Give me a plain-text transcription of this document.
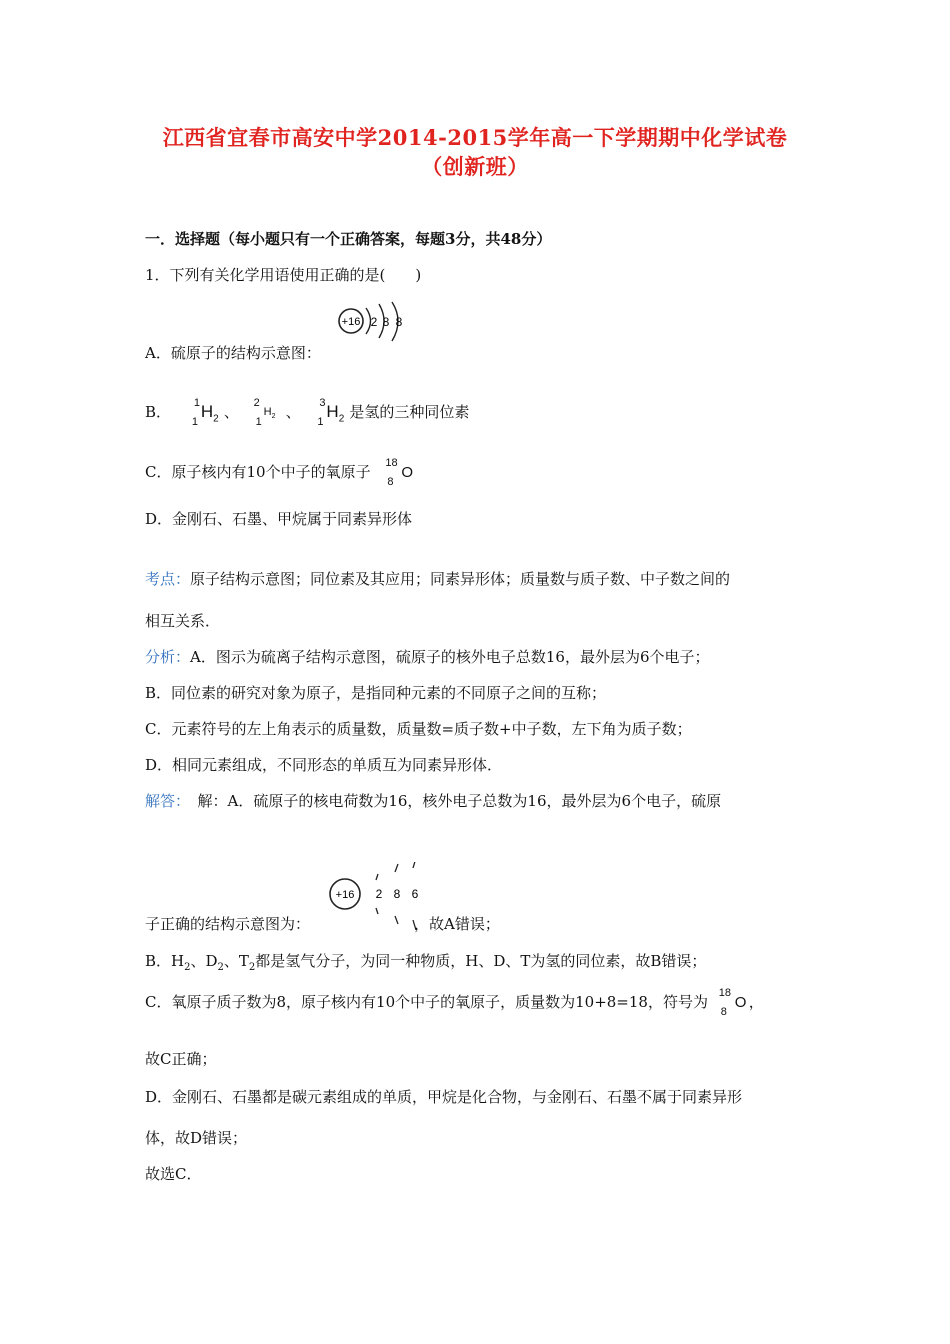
江西省宜春市高安中学2014-2015学年高一下学期期中化学试卷
（创新班）
一．选择题（每小题只有一个正确答案，每题3分，共48分）
1．下列有关化学用语使用正确的是(　　)
+16 2 8 8
A．硫原子的结构示意图：
B． 1
1
$H_2$ 、 2
1
$H_2$ 、 3
1
$H_2$ 是氢的三种同位素
C．原子核内有10个中子的氧原子 18
8
O
D．金刚石、石墨、甲烷属于同素异形体
考点：原子结构示意图；同位素及其应用；同素异形体；质量数与质子数、中子数之间的
相互关系．
分析：A．图示为硫离子结构示意图，硫原子的核外电子总数16，最外层为6个电子；
B．同位素的研究对象为原子，是指同种元素的不同原子之间的互称；
C．元素符号的左上角表示的质量数，质量数=质子数+中子数，左下角为质子数；
D．相同元素组成，不同形态的单质互为同素异形体．
解答：　解：A．硫原子的核电荷数为16，核外电子总数为16，最外层为6个电子，硫原
+16 2 8 6
子正确的结构示意图为：	，故A错误；
B．$H_2$、$D_2$、$T_2$都是氢气分子，为同一种物质，H、D、T为氢的同位素，故B错误；
C．氧原子质子数为8，原子核内有10个中子的氧原子，质量数为10+8=18，符号为 18
8
O ，
故C正确；
D．金刚石、石墨都是碳元素组成的单质，甲烷是化合物，与金刚石、石墨不属于同素异形
体，故D错误；
故选C．
